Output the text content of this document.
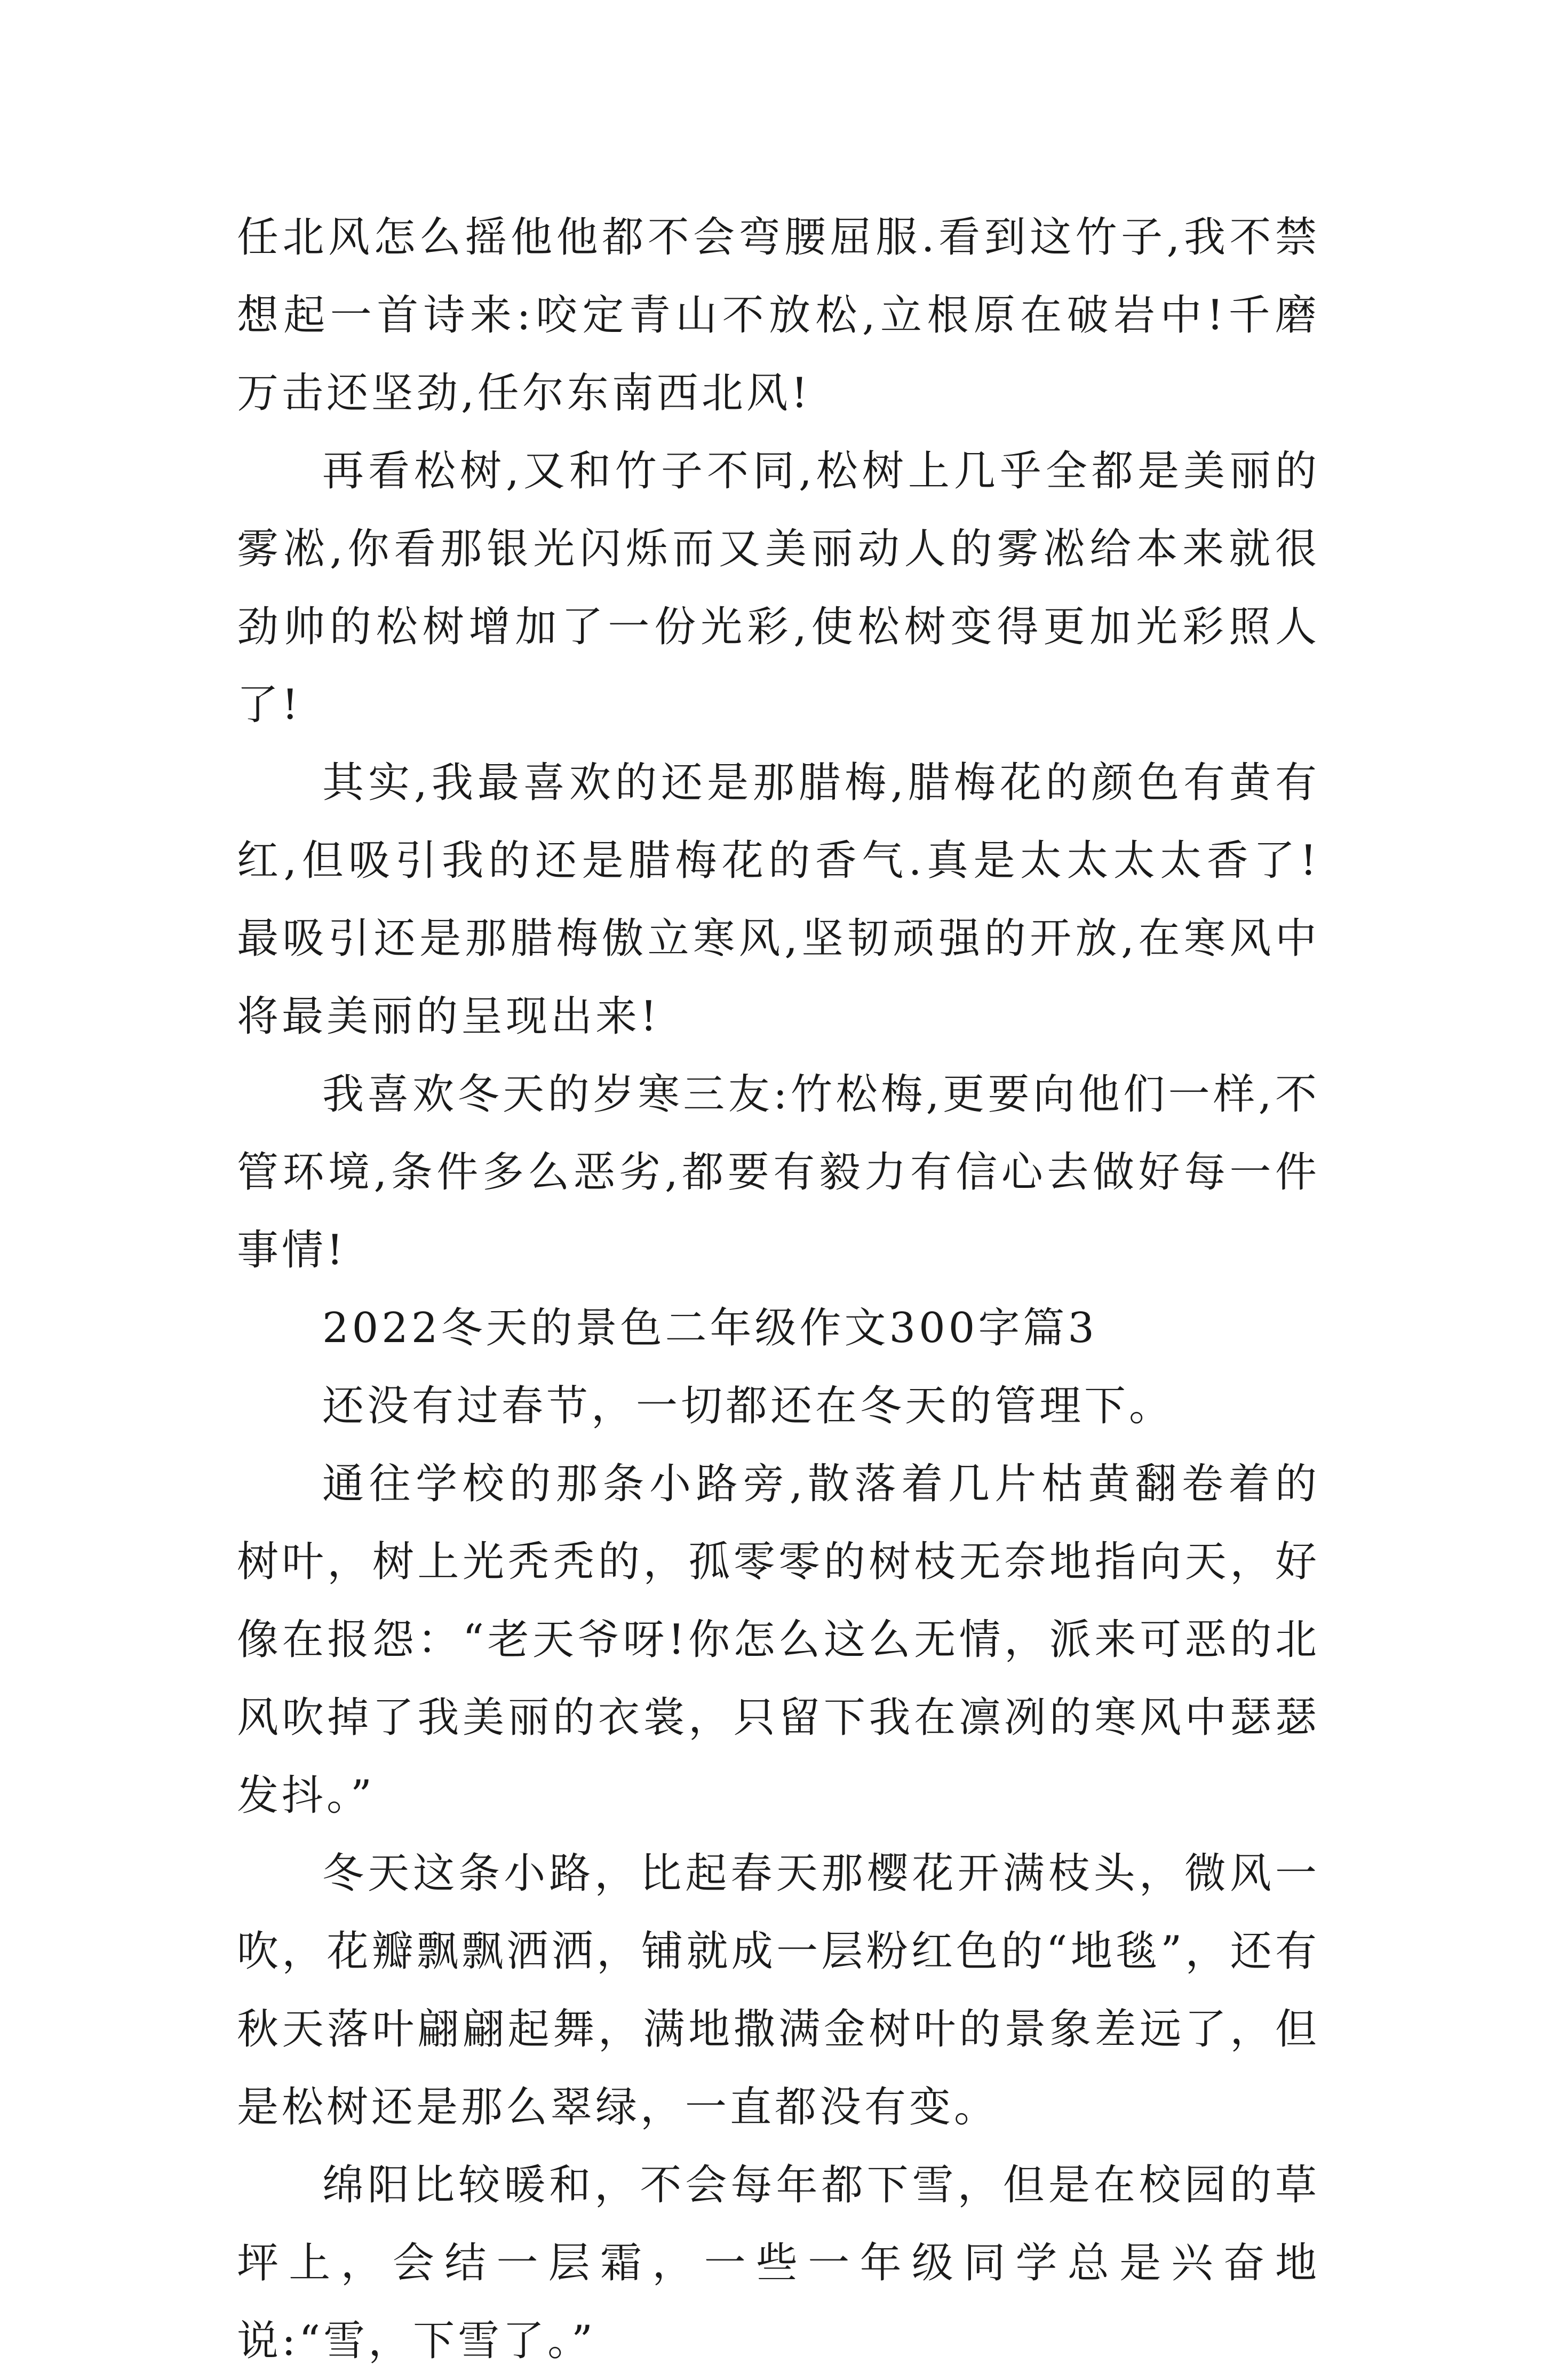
任北风怎么摇他他都不会弯腰屈服.看到这竹子,我不禁想起一首诗来:咬定青山不放松,立根原在破岩中!千磨万击还坚劲,任尔东南西北风!

再看松树,又和竹子不同,松树上几乎全都是美丽的雾凇,你看那银光闪烁而又美丽动人的雾凇给本来就很劲帅的松树增加了一份光彩,使松树变得更加光彩照人了!

其实,我最喜欢的还是那腊梅,腊梅花的颜色有黄有红,但吸引我的还是腊梅花的香气.真是太太太太香了!最吸引还是那腊梅傲立寒风,坚韧顽强的开放,在寒风中将最美丽的呈现出来!

我喜欢冬天的岁寒三友:竹松梅,更要向他们一样,不管环境,条件多么恶劣,都要有毅力有信心去做好每一件事情!

2022冬天的景色二年级作文300字篇3

还没有过春节，一切都还在冬天的管理下。

通往学校的那条小路旁,散落着几片枯黄翻卷着的树叶，树上光秃秃的，孤零零的树枝无奈地指向天，好像在报怨：“老天爷呀!你怎么这么无情，派来可恶的北风吹掉了我美丽的衣裳，只留下我在凛冽的寒风中瑟瑟发抖。”

冬天这条小路，比起春天那樱花开满枝头，微风一吹，花瓣飘飘洒洒，铺就成一层粉红色的“地毯”，还有秋天落叶翩翩起舞，满地撒满金树叶的景象差远了，但是松树还是那么翠绿，一直都没有变。

绵阳比较暖和，不会每年都下雪，但是在校园的草坪上，会结一层霜，一些一年级同学总是兴奋地说:“雪，下雪了。”
